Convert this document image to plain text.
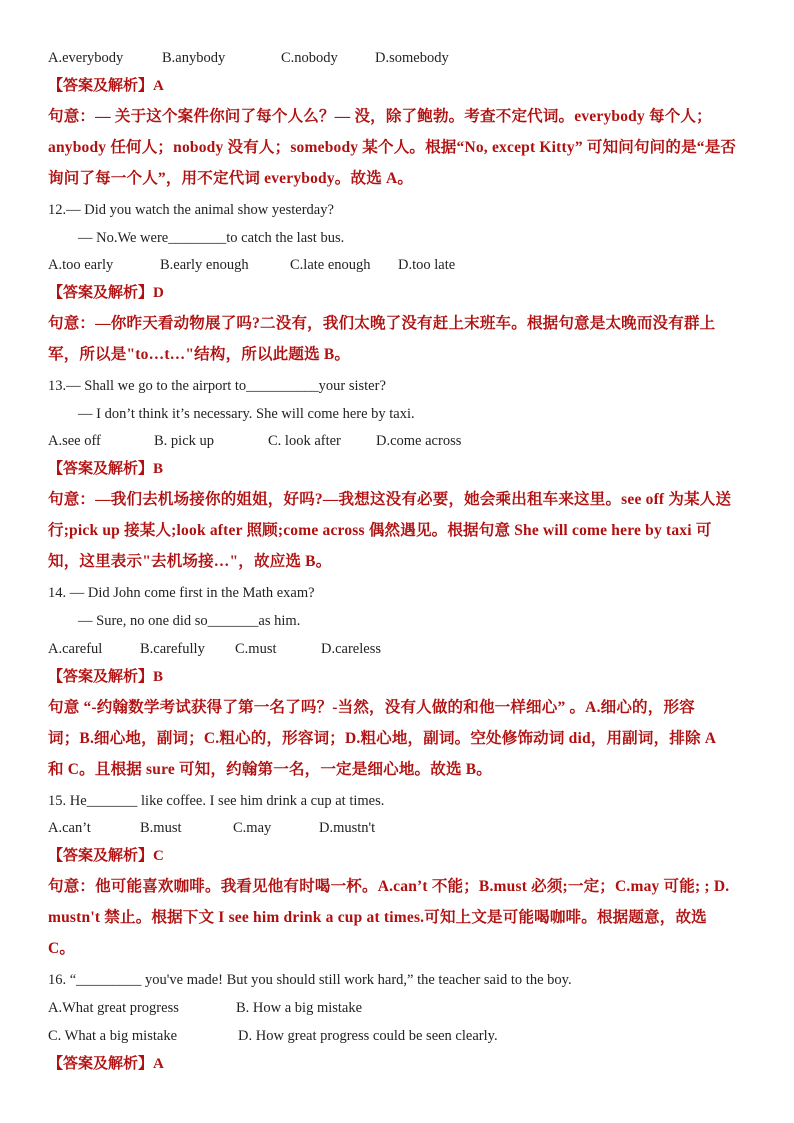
A.everybody	B.anybody	C.nobody	D.somebody
【答案及解析】A
句意：— 关于这个案件你问了每个人么？— 没，除了鲍勃。考查不定代词。everybody 每个人；
anybody 任何人；nobody 没有人；somebody 某个人。根据“No, except Kitty” 可知问句问的是“是否
询问了每一个人”，用不定代词 everybody。故选 A。
12.— Did you watch the animal show yesterday?
— No.We were________to catch the last bus.
A.too early	B.early enough	C.late enough D.too late
【答案及解析】D
句意：—你昨天看动物展了吗?二没有，我们太晚了没有赶上末班车。根据句意是太晚而没有群上
军，所以是"to…t…"结构，所以此题选 B。
13.— Shall we go to the airport to__________your sister?
— I don’t think it’s necessary. She will come here by taxi.
A.see off	B. pick up	C. look after D.come across
【答案及解析】B
句意：—我们去机场接你的姐姐，好吗?—我想这没有必要，她会乘出租车来这里。see off 为某人送
行;pick up 接某人;look after 照顾;come across 偶然遇见。根据句意 She will come here by taxi 可
知，这里表示"去机场接…"，故应选 B。
14. — Did John come first in the Math exam?
— Sure, no one did so_______as him.
A.careful	B.carefully C.must	D.careless
【答案及解析】B
句意 “-约翰数学考试获得了第一名了吗？-当然，没有人做的和他一样细心” 。A.细心的，形容
词；B.细心地，副词；C.粗心的，形容词；D.粗心地，副词。空处修饰动词 did，用副词，排除 A
和 C。且根据 sure 可知，约翰第一名，一定是细心地。故选 B。
15. He_______ like coffee. I see him drink a cup at times.
A.can’t	B.must	C.may	D.mustn't
【答案及解析】C
句意：他可能喜欢咖啡。我看见他有时喝一杯。A.can’t 不能；B.must 必须;一定；C.may 可能; ; D.
mustn't 禁止。根据下文 I see him drink a cup at times.可知上文是可能喝咖啡。根据题意，故选
C。
16. “_________ you've made! But you should still work hard,” the teacher said to the boy.
A.What great progress	B. How a big mistake
C. What a big mistake	D. How great progress could be seen clearly.
【答案及解析】A
